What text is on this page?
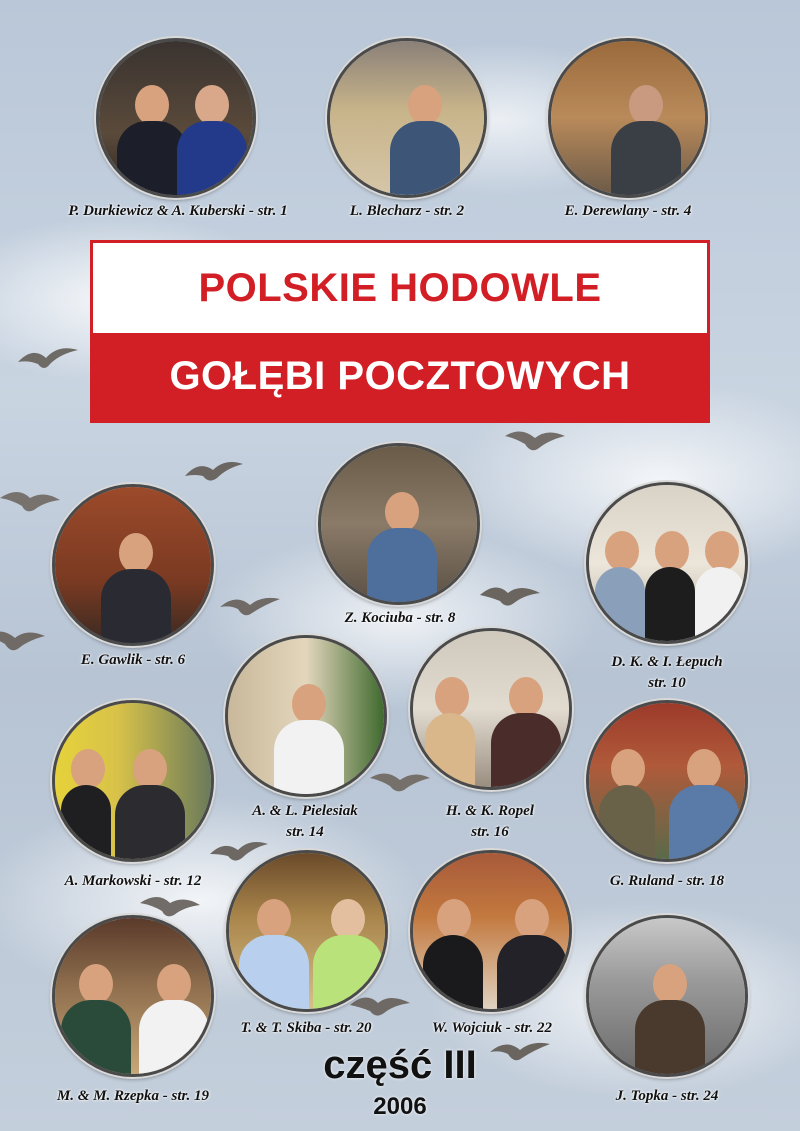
P. Durkiewicz & A. Kuberski - str. 1	L. Blecharz - str. 2	E. Derewlany - str. 4
POLSKIE HODOWLE
GOŁĘBI POCZTOWYCH
Z. Kociuba - str. 8
E. Gawlik - str. 6	D. K. & I. Łepuch
str. 10
A. & L. Pielesiak
str. 14
H. & K. Ropel
str. 16
A. Markowski - str. 12	G. Ruland - str. 18
T. & T. Skiba - str. 20	W. Wojciuk - str. 22
M. & M. Rzepka - str. 19	J. Topka - str. 24
część III
2006
